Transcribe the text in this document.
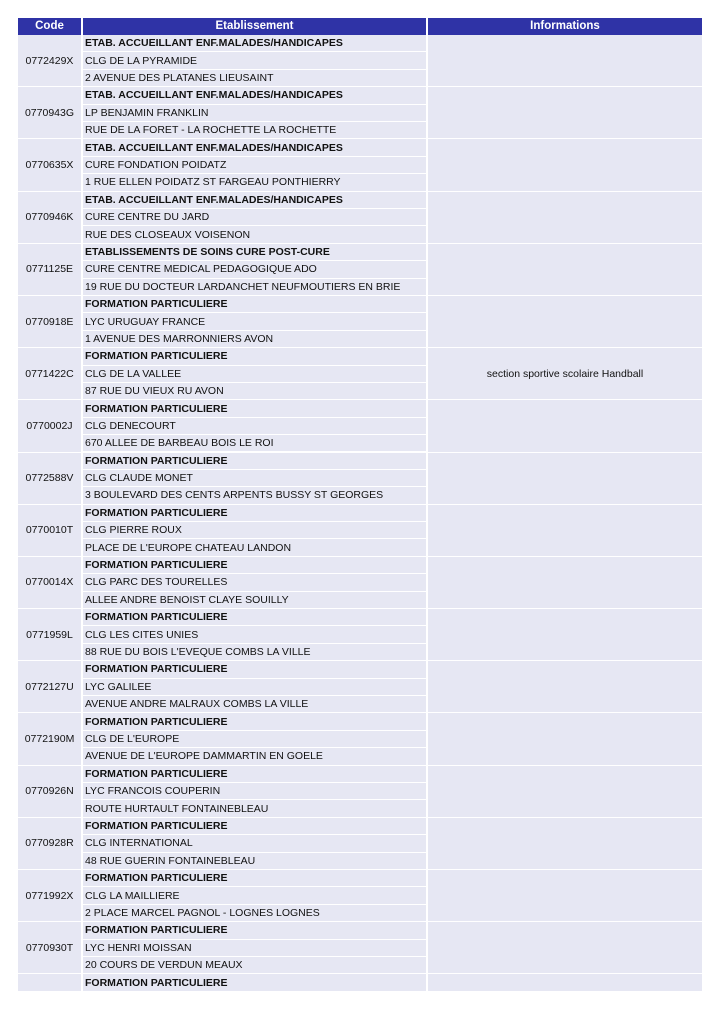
Code	Etablissement	Informations
0772429X
ETAB. ACCUEILLANT ENF.MALADES/HANDICAPES
CLG DE LA PYRAMIDE
2 AVENUE DES PLATANES LIEUSAINT
0770943G
ETAB. ACCUEILLANT ENF.MALADES/HANDICAPES
LP BENJAMIN FRANKLIN
RUE DE LA FORET - LA ROCHETTE LA ROCHETTE
0770635X
ETAB. ACCUEILLANT ENF.MALADES/HANDICAPES
CURE FONDATION POIDATZ
1 RUE ELLEN POIDATZ ST FARGEAU PONTHIERRY
0770946K
ETAB. ACCUEILLANT ENF.MALADES/HANDICAPES
CURE CENTRE DU JARD
RUE DES CLOSEAUX VOISENON
0771125E
ETABLISSEMENTS DE SOINS CURE POST-CURE
CURE CENTRE MEDICAL PEDAGOGIQUE ADO
19 RUE DU DOCTEUR LARDANCHET NEUFMOUTIERS EN BRIE
0770918E
FORMATION PARTICULIERE
LYC URUGUAY FRANCE
1 AVENUE DES MARRONNIERS AVON
0771422C
FORMATION PARTICULIERE
CLG DE LA VALLEE
87 RUE DU VIEUX RU AVON
section sportive scolaire Handball
0770002J
FORMATION PARTICULIERE
CLG DENECOURT
670 ALLEE DE BARBEAU BOIS LE ROI
0772588V
FORMATION PARTICULIERE
CLG CLAUDE MONET
3 BOULEVARD DES CENTS ARPENTS BUSSY ST GEORGES
0770010T
FORMATION PARTICULIERE
CLG PIERRE ROUX
PLACE DE L'EUROPE CHATEAU LANDON
0770014X
FORMATION PARTICULIERE
CLG PARC DES TOURELLES
ALLEE ANDRE BENOIST CLAYE SOUILLY
0771959L
FORMATION PARTICULIERE
CLG LES CITES UNIES
88 RUE DU BOIS L'EVEQUE COMBS LA VILLE
0772127U
FORMATION PARTICULIERE
LYC GALILEE
AVENUE ANDRE MALRAUX COMBS LA VILLE
0772190M
FORMATION PARTICULIERE
CLG DE L'EUROPE
AVENUE DE L'EUROPE DAMMARTIN EN GOELE
0770926N
FORMATION PARTICULIERE
LYC FRANCOIS COUPERIN
ROUTE HURTAULT FONTAINEBLEAU
0770928R
FORMATION PARTICULIERE
CLG INTERNATIONAL
48 RUE GUERIN FONTAINEBLEAU
0771992X
FORMATION PARTICULIERE
CLG LA MAILLIERE
2 PLACE MARCEL PAGNOL - LOGNES LOGNES
0770930T
FORMATION PARTICULIERE
LYC HENRI MOISSAN
20 COURS DE VERDUN MEAUX
FORMATION PARTICULIERE
